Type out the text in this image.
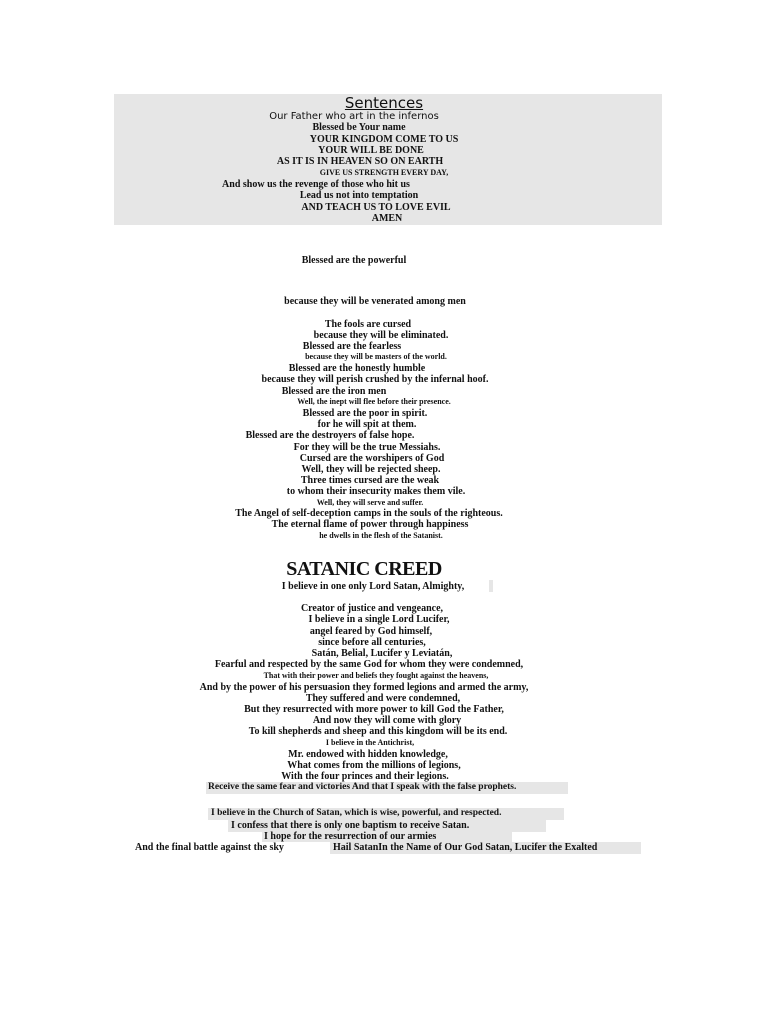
Sentences
Our Father who art in the infernos
Blessed be Your name
YOUR KINGDOM COME TO US
YOUR WILL BE DONE
AS IT IS IN HEAVEN SO ON EARTH
GIVE US STRENGTH EVERY DAY,
And show us the revenge of those who hit us
Lead us not into temptation
AND TEACH US TO LOVE EVIL
AMEN
Blessed are the powerful
because they will be venerated among men
The fools are cursed
because they will be eliminated.
Blessed are the fearless
because they will be masters of the world.
Blessed are the honestly humble
because they will perish crushed by the infernal hoof.
Blessed are the iron men
Well, the inept will flee before their presence.
Blessed are the poor in spirit.
for he will spit at them.
Blessed are the destroyers of false hope.
For they will be the true Messiahs.
Cursed are the worshipers of God
Well, they will be rejected sheep.
Three times cursed are the weak
to whom their insecurity makes them vile.
Well, they will serve and suffer.
The Angel of self-deception camps in the souls of the righteous.
The eternal flame of power through happiness
he dwells in the flesh of the Satanist.
SATANIC CREED
I believe in one only Lord Satan, Almighty,
Creator of justice and vengeance,
I believe in a single Lord Lucifer,
angel feared by God himself,
since before all centuries,
Satán, Belial, Lucifer y Leviatán,
Fearful and respected by the same God for whom they were condemned,
That with their power and beliefs they fought against the heavens,
And by the power of his persuasion they formed legions and armed the army,
They suffered and were condemned,
But they resurrected with more power to kill God the Father,
And now they will come with glory
To kill shepherds and sheep and this kingdom will be its end.
I believe in the Antichrist,
Mr. endowed with hidden knowledge,
What comes from the millions of legions,
With the four princes and their legions.
Receive the same fear and victories And that I speak with the false prophets.
I believe in the Church of Satan, which is wise, powerful, and respected.
I confess that there is only one baptism to receive Satan.
I hope for the resurrection of our armies
And the final battle against the sky	Hail SatanIn the Name of Our God Satan, Lucifer the Exalted
